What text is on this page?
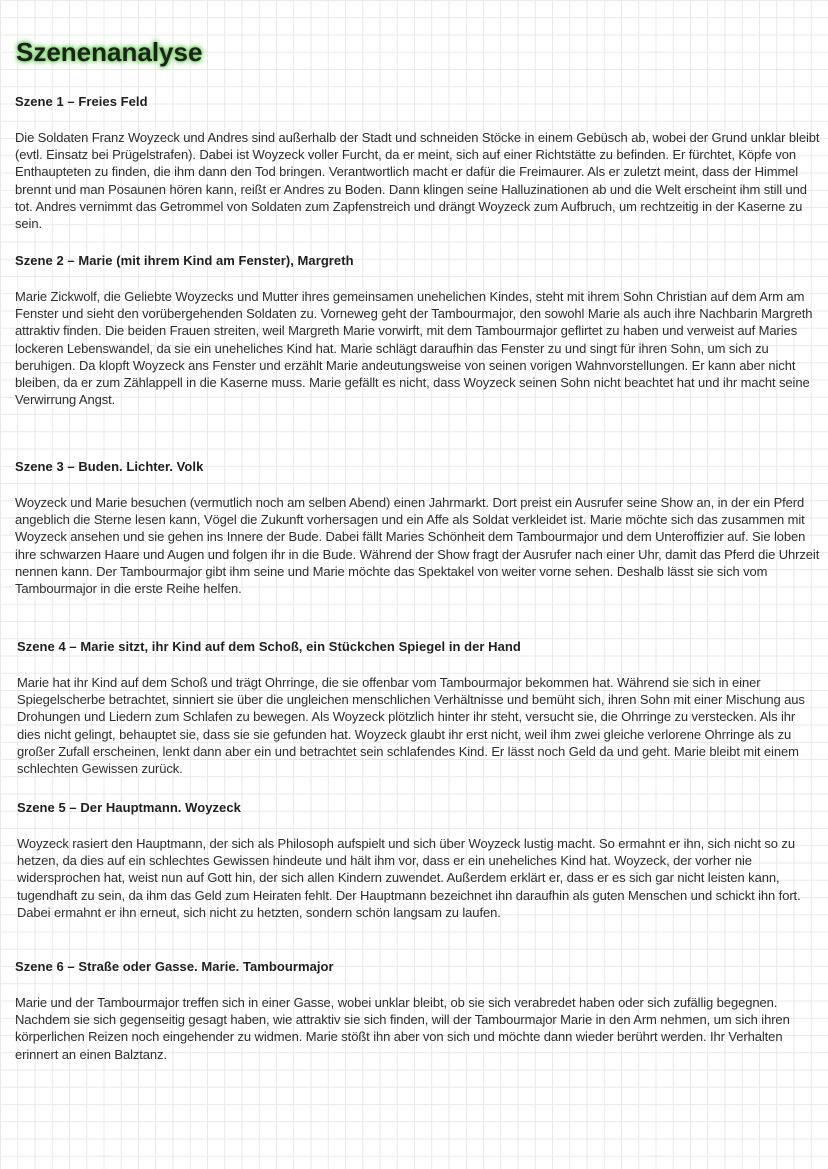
Szenenanalyse
Szene 1 – Freies Feld

Die Soldaten Franz Woyzeck und Andres sind außerhalb der Stadt und schneiden Stöcke in einem Gebüsch ab, wobei der Grund unklar bleibt (evtl. Einsatz bei Prügelstrafen). Dabei ist Woyzeck voller Furcht, da er meint, sich auf einer Richtstätte zu befinden. Er fürchtet, Köpfe von Enthaupteten zu finden, die ihm dann den Tod bringen. Verantwortlich macht er dafür die Freimaurer. Als er zuletzt meint, dass der Himmel brennt und man Posaunen hören kann, reißt er Andres zu Boden. Dann klingen seine Halluzinationen ab und die Welt erscheint ihm still und tot. Andres vernimmt das Getrommel von Soldaten zum Zapfenstreich und drängt Woyzeck zum Aufbruch, um rechtzeitig in der Kaserne zu sein.

Szene 2 – Marie (mit ihrem Kind am Fenster), Margreth

Marie Zickwolf, die Geliebte Woyzecks und Mutter ihres gemeinsamen unehelichen Kindes, steht mit ihrem Sohn Christian auf dem Arm am Fenster und sieht den vorübergehenden Soldaten zu. Vorneweg geht der Tambourmajor, den sowohl Marie als auch ihre Nachbarin Margreth attraktiv finden. Die beiden Frauen streiten, weil Margreth Marie vorwirft, mit dem Tambourmajor geflirtet zu haben und verweist auf Maries lockeren Lebenswandel, da sie ein uneheliches Kind hat. Marie schlägt daraufhin das Fenster zu und singt für ihren Sohn, um sich zu beruhigen. Da klopft Woyzeck ans Fenster und erzählt Marie andeutungsweise von seinen vorigen Wahnvorstellungen. Er kann aber nicht bleiben, da er zum Zählappell in die Kaserne muss. Marie gefällt es nicht, dass Woyzeck seinen Sohn nicht beachtet hat und ihr macht seine Verwirrung Angst.

Szene 3 – Buden. Lichter. Volk

Woyzeck und Marie besuchen (vermutlich noch am selben Abend) einen Jahrmarkt. Dort preist ein Ausrufer seine Show an, in der ein Pferd angeblich die Sterne lesen kann, Vögel die Zukunft vorhersagen und ein Affe als Soldat verkleidet ist. Marie möchte sich das zusammen mit Woyzeck ansehen und sie gehen ins Innere der Bude. Dabei fällt Maries Schönheit dem Tambourmajor und dem Unteroffizier auf. Sie loben ihre schwarzen Haare und Augen und folgen ihr in die Bude. Während der Show fragt der Ausrufer nach einer Uhr, damit das Pferd die Uhrzeit nennen kann. Der Tambourmajor gibt ihm seine und Marie möchte das Spektakel von weiter vorne sehen. Deshalb lässt sie sich vom Tambourmajor in die erste Reihe helfen.

Szene 4 – Marie sitzt, ihr Kind auf dem Schoß, ein Stückchen Spiegel in der Hand

Marie hat ihr Kind auf dem Schoß und trägt Ohrringe, die sie offenbar vom Tambourmajor bekommen hat. Während sie sich in einer Spiegelscherbe betrachtet, sinniert sie über die ungleichen menschlichen Verhältnisse und bemüht sich, ihren Sohn mit einer Mischung aus Drohungen und Liedern zum Schlafen zu bewegen. Als Woyzeck plötzlich hinter ihr steht, versucht sie, die Ohrringe zu verstecken. Als ihr dies nicht gelingt, behauptet sie, dass sie sie gefunden hat. Woyzeck glaubt ihr erst nicht, weil ihm zwei gleiche verlorene Ohrringe als zu großer Zufall erscheinen, lenkt dann aber ein und betrachtet sein schlafendes Kind. Er lässt noch Geld da und geht. Marie bleibt mit einem schlechten Gewissen zurück.

Szene 5 – Der Hauptmann. Woyzeck

Woyzeck rasiert den Hauptmann, der sich als Philosoph aufspielt und sich über Woyzeck lustig macht. So ermahnt er ihn, sich nicht so zu hetzen, da dies auf ein schlechtes Gewissen hindeute und hält ihm vor, dass er ein uneheliches Kind hat. Woyzeck, der vorher nie widersprochen hat, weist nun auf Gott hin, der sich allen Kindern zuwendet. Außerdem erklärt er, dass er es sich gar nicht leisten kann, tugendhaft zu sein, da ihm das Geld zum Heiraten fehlt. Der Hauptmann bezeichnet ihn daraufhin als guten Menschen und schickt ihn fort. Dabei ermahnt er ihn erneut, sich nicht zu hetzten, sondern schön langsam zu laufen.

Szene 6 – Straße oder Gasse. Marie. Tambourmajor

Marie und der Tambourmajor treffen sich in einer Gasse, wobei unklar bleibt, ob sie sich verabredet haben oder sich zufällig begegnen. Nachdem sie sich gegenseitig gesagt haben, wie attraktiv sie sich finden, will der Tambourmajor Marie in den Arm nehmen, um sich ihren körperlichen Reizen noch eingehender zu widmen. Marie stößt ihn aber von sich und möchte dann wieder berührt werden. Ihr Verhalten erinnert an einen Balztanz.
